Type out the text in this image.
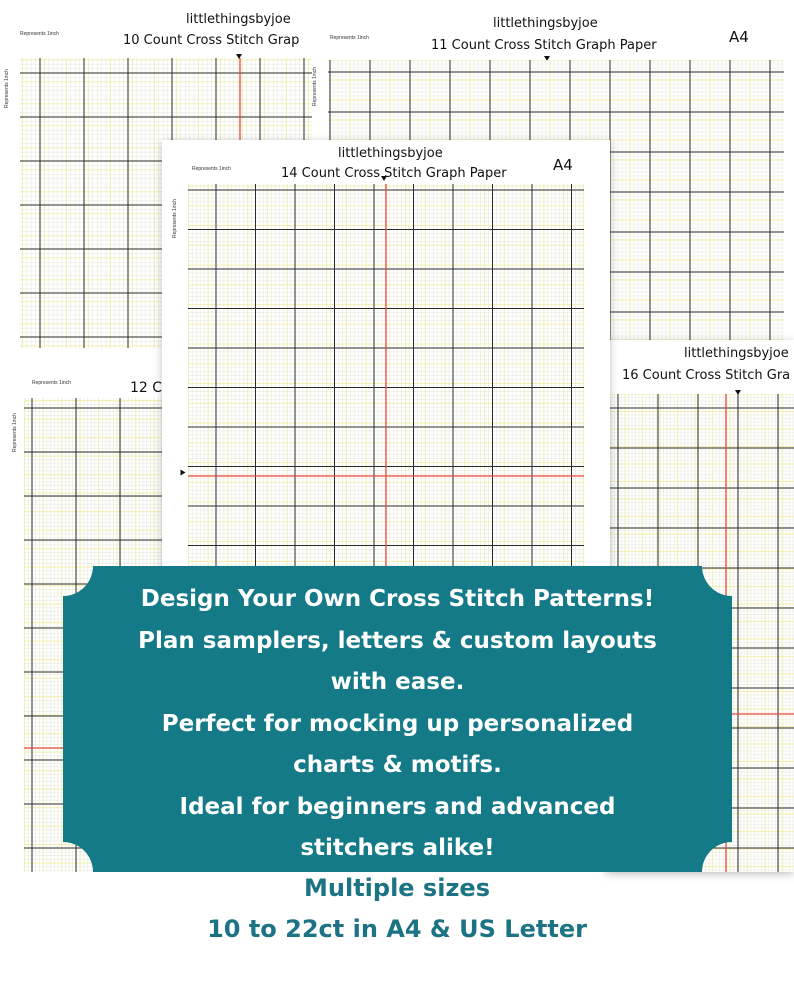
littlethingsbyjoe
10 Count Cross Stitch Grap
Represents 1inch
Represents 1inch
littlethingsbyjoe
11 Count Cross Stitch Graph Paper	A4
Represents 1inch
Represents 1inch
12 C
Represents 1inch
Represents 1inch
littlethingsbyjoe
16 Count Cross Stitch Gra
littlethingsbyjoe
14 Count Cross Stitch Graph Paper	A4
Represents 1inch
Represents 1inch
Design Your Own Cross Stitch Patterns!
Plan samplers, letters & custom layouts
with ease.
Perfect for mocking up personalized
charts & motifs.
Ideal for beginners and advanced
stitchers alike!
Multiple sizes
10 to 22ct in A4 & US Letter
